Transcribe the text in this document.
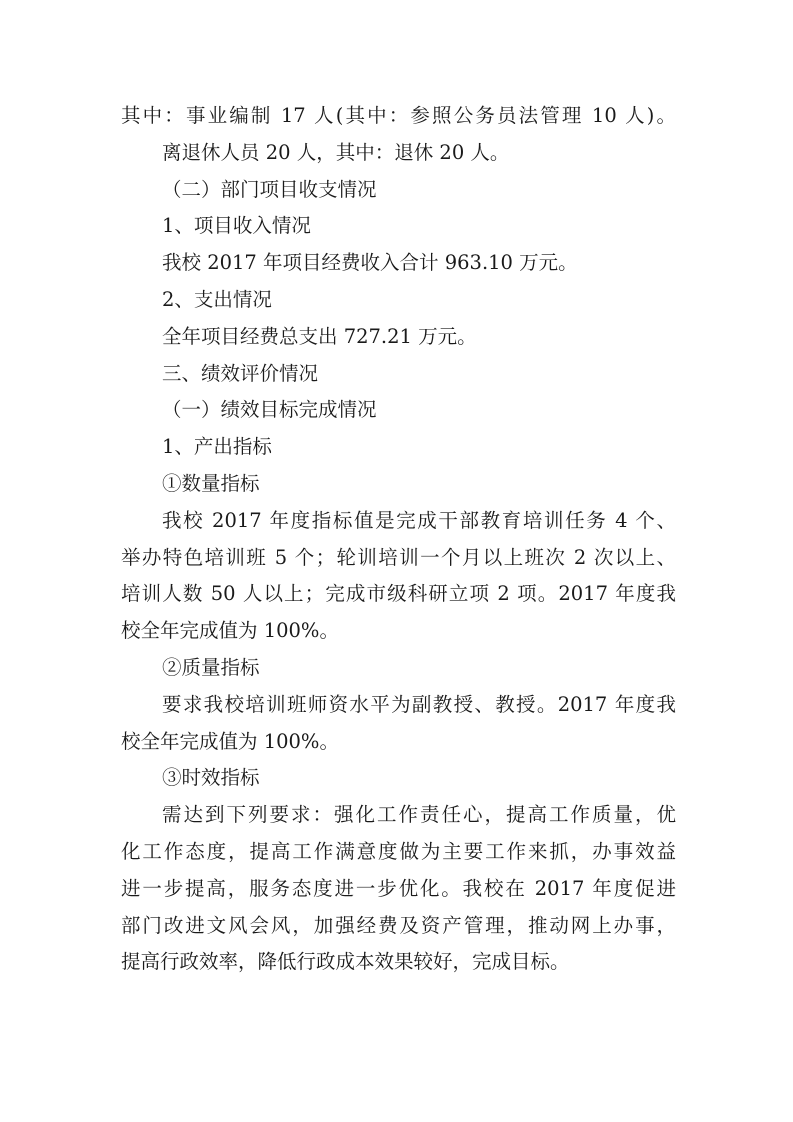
其中：事业编制 17 人(其中：参照公务员法管理 10 人)。
离退休人员 20 人，其中：退休 20 人。
（二）部门项目收支情况
1、项目收入情况
我校 2017 年项目经费收入合计 963.10 万元。
2、支出情况
全年项目经费总支出 727.21 万元。
三、绩效评价情况
（一）绩效目标完成情况
1、产出指标
①数量指标
我校 2017 年度指标值是完成干部教育培训任务 4 个、
举办特色培训班 5 个；轮训培训一个月以上班次 2 次以上、
培训人数 50 人以上；完成市级科研立项 2 项。2017 年度我
校全年完成值为 100%。
②质量指标
要求我校培训班师资水平为副教授、教授。2017 年度我
校全年完成值为 100%。
③时效指标
需达到下列要求：强化工作责任心，提高工作质量，优
化工作态度，提高工作满意度做为主要工作来抓，办事效益
进一步提高，服务态度进一步优化。我校在 2017 年度促进
部门改进文风会风，加强经费及资产管理，推动网上办事，
提高行政效率，降低行政成本效果较好，完成目标。
